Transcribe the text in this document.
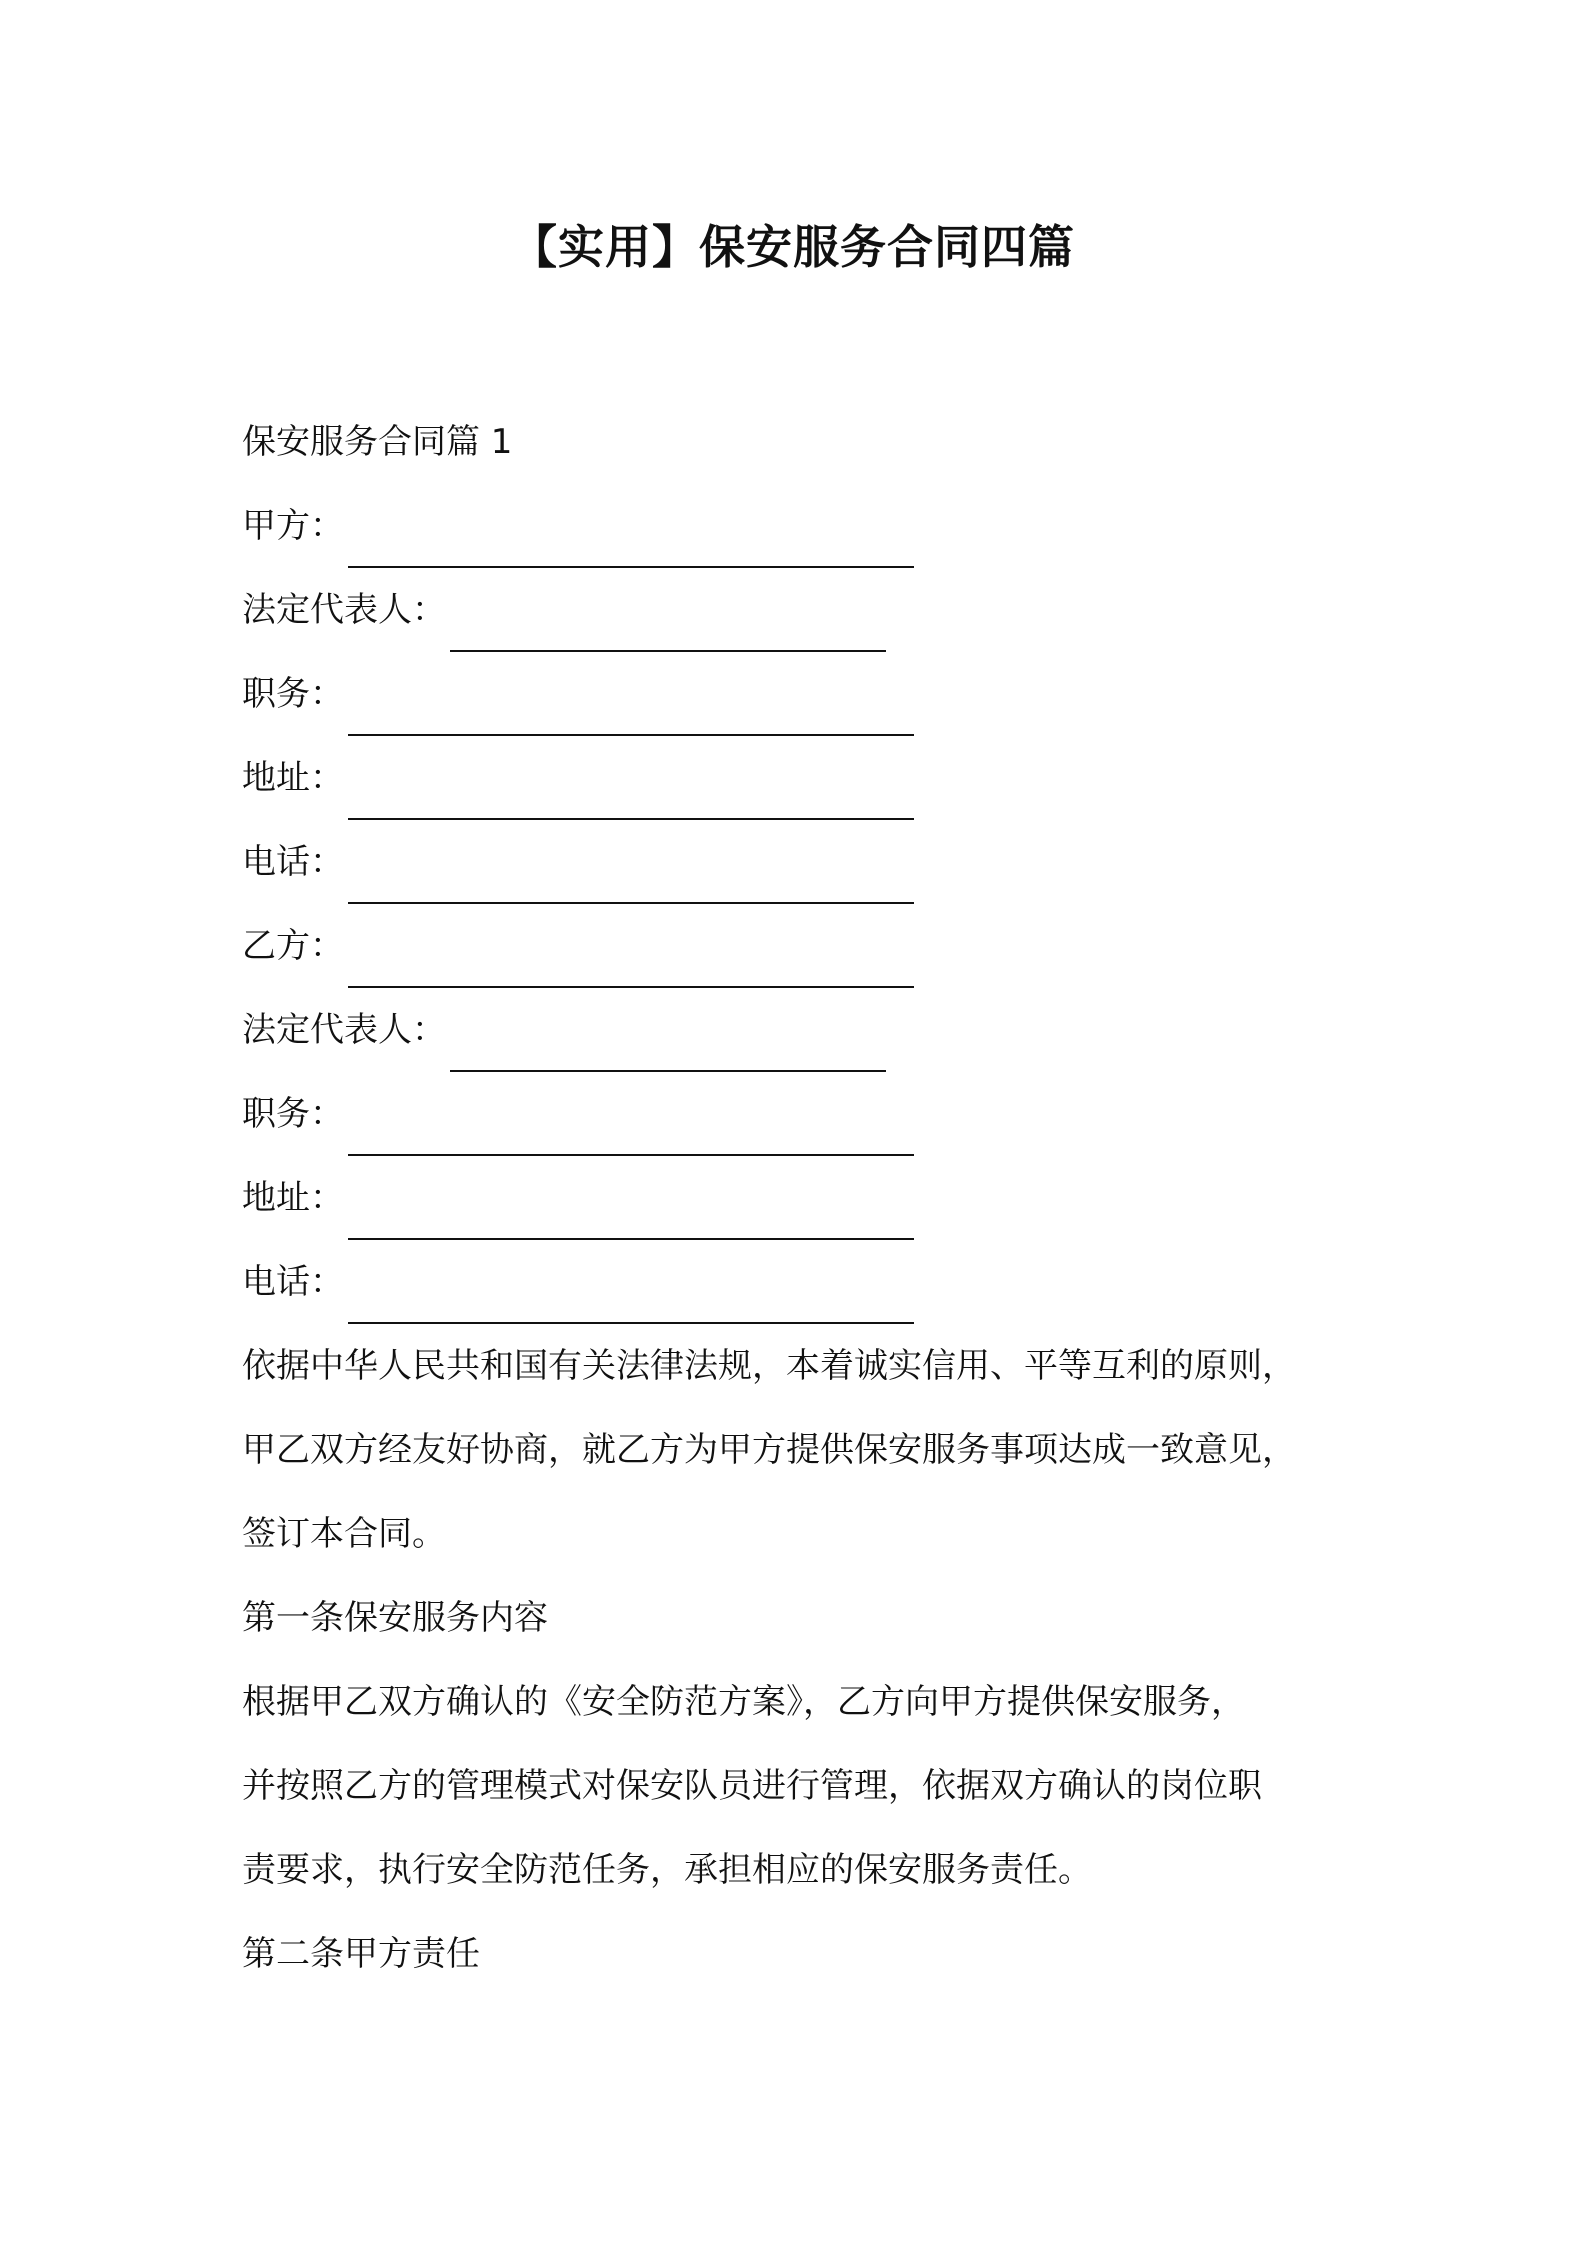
【实用】保安服务合同四篇
保安服务合同篇 1
甲方：
法定代表人：
职务：
地址：
电话：
乙方：
法定代表人：
职务：
地址：
电话：
依据中华人民共和国有关法律法规，本着诚实信用、平等互利的原则，
甲乙双方经友好协商，就乙方为甲方提供保安服务事项达成一致意见，
签订本合同。
第一条保安服务内容
根据甲乙双方确认的《安全防范方案》，乙方向甲方提供保安服务，
并按照乙方的管理模式对保安队员进行管理，依据双方确认的岗位职
责要求，执行安全防范任务，承担相应的保安服务责任。
第二条甲方责任
